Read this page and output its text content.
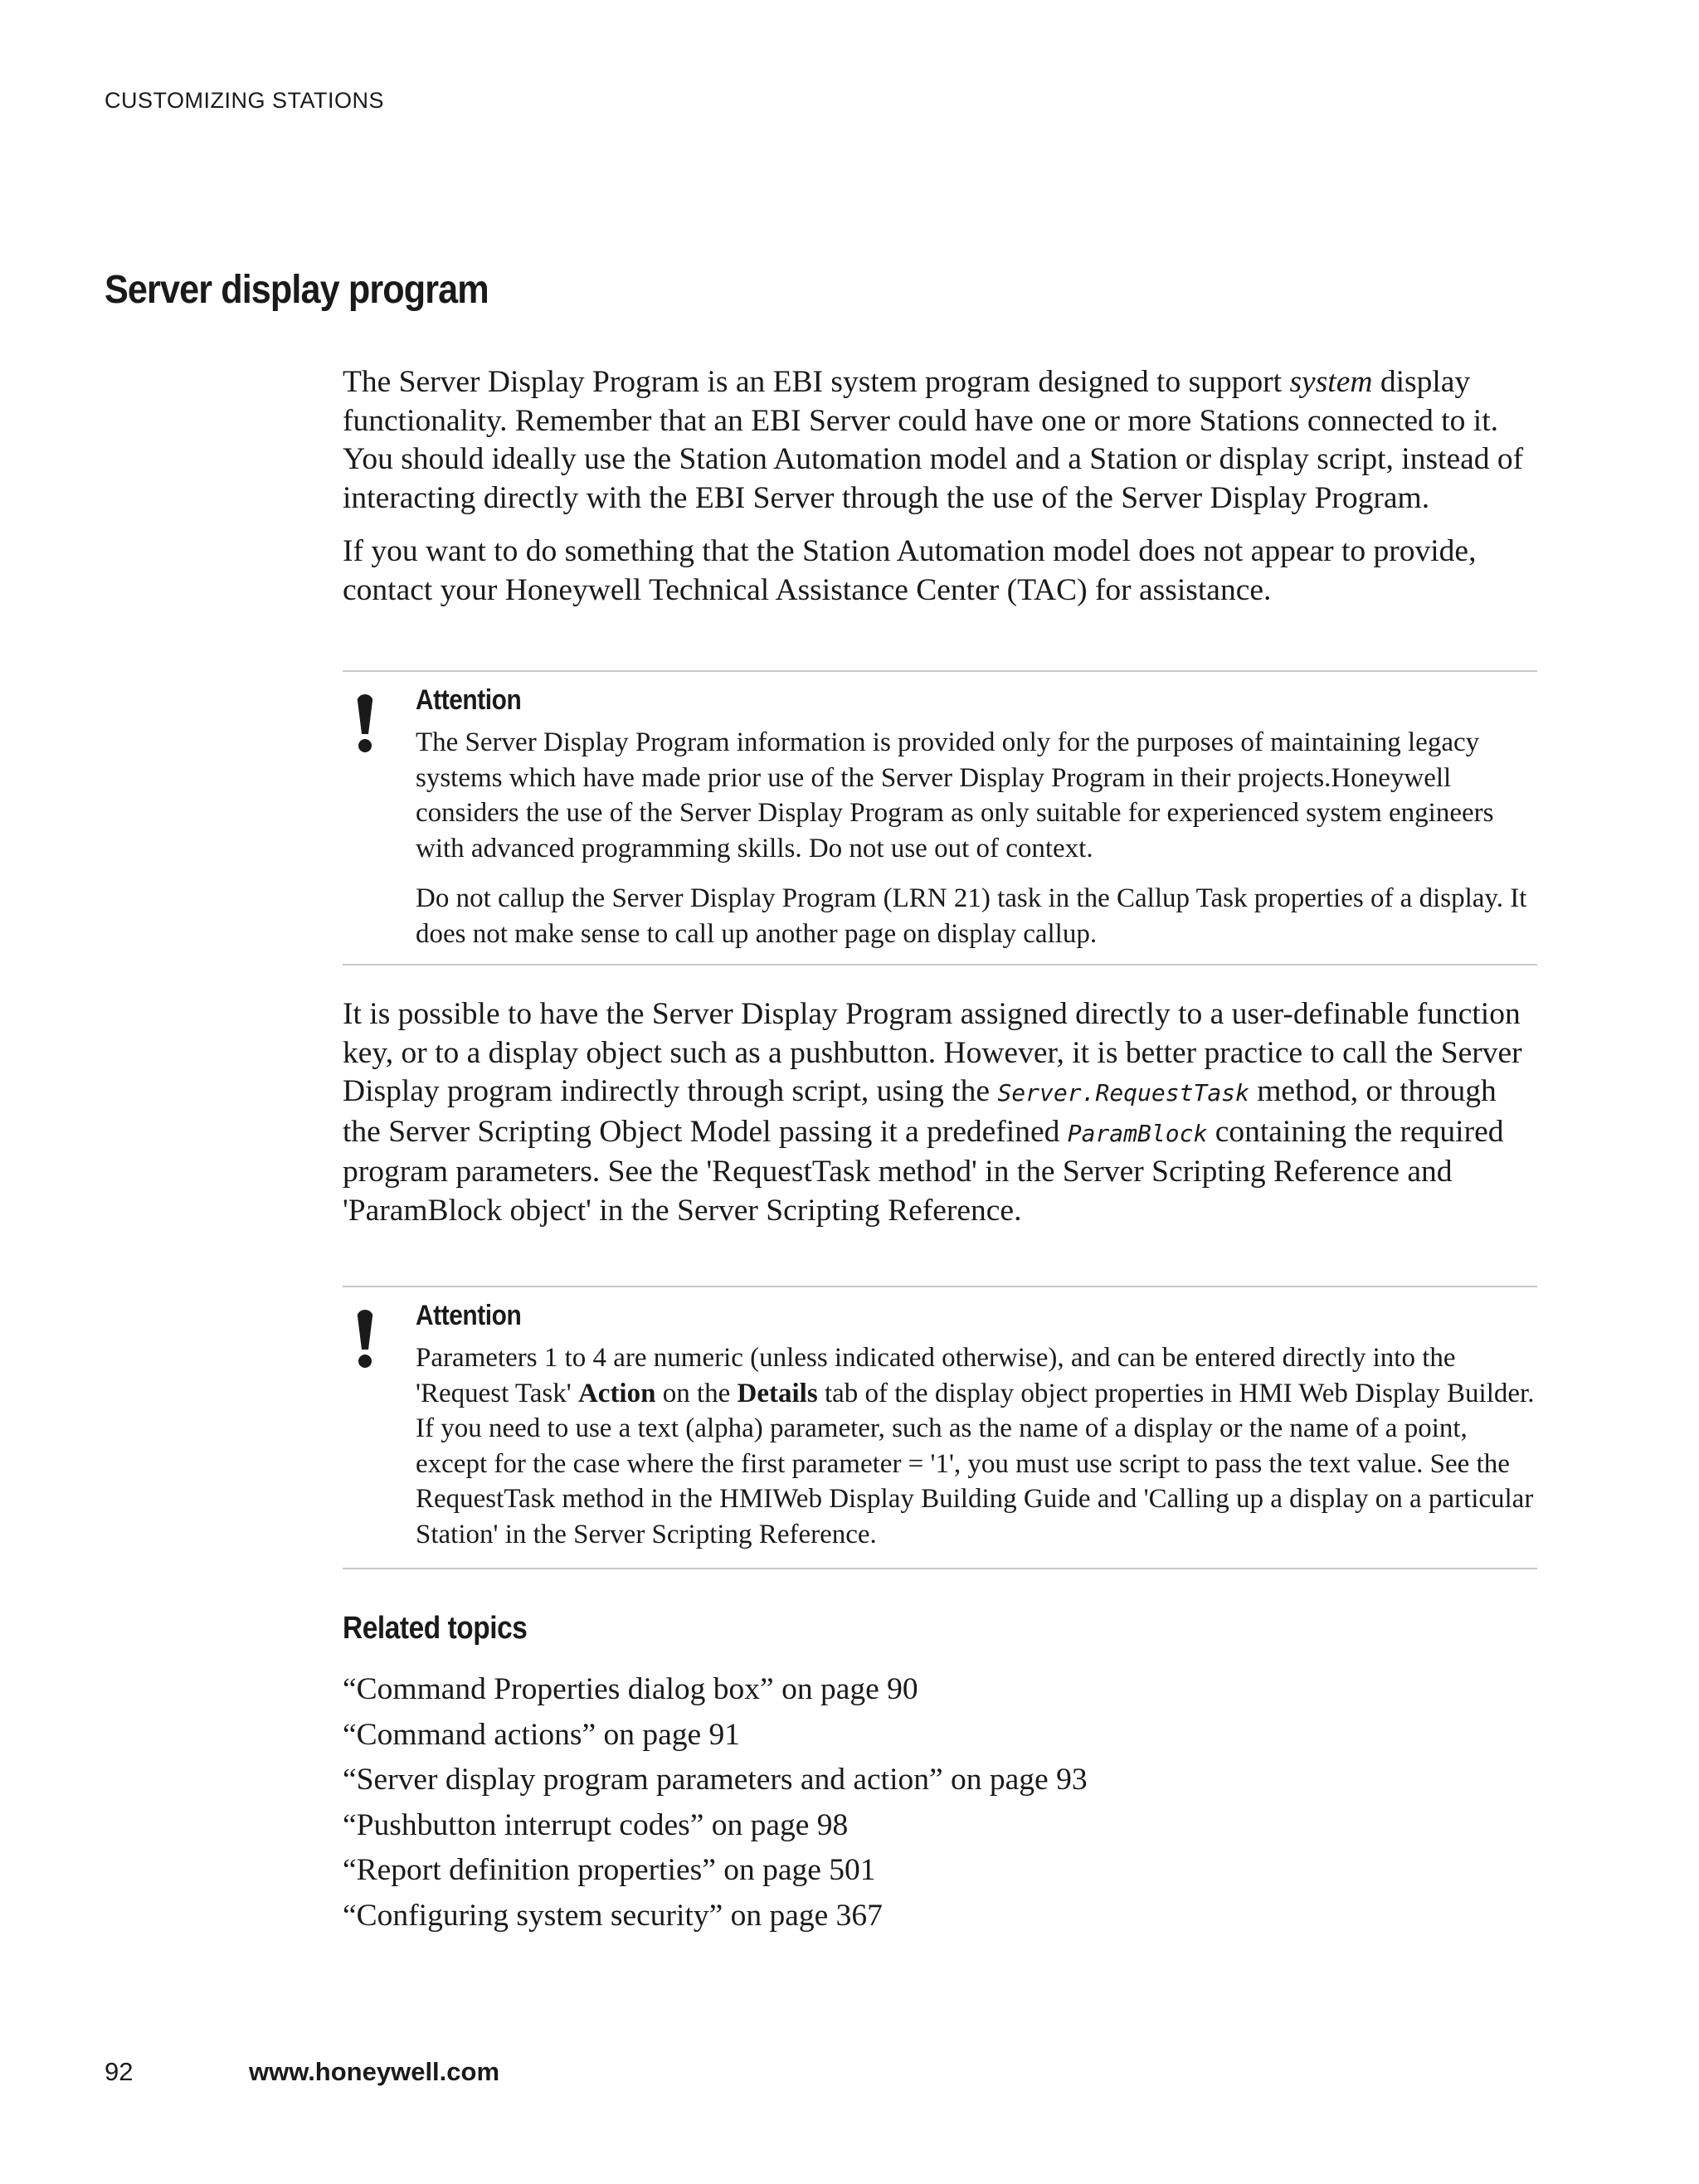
CUSTOMIZING STATIONS
Server display program

The Server Display Program is an EBI system program designed to support system display functionality. Remember that an EBI Server could have one or more Stations connected to it. You should ideally use the Station Automation model and a Station or display script, instead of interacting directly with the EBI Server through the use of the Server Display Program.

If you want to do something that the Station Automation model does not appear to provide, contact your Honeywell Technical Assistance Center (TAC) for assistance.

Attention

The Server Display Program information is provided only for the purposes of maintaining legacy systems which have made prior use of the Server Display Program in their projects.Honeywell considers the use of the Server Display Program as only suitable for experienced system engineers with advanced programming skills. Do not use out of context.

Do not callup the Server Display Program (LRN 21) task in the Callup Task properties of a display. It does not make sense to call up another page on display callup.

It is possible to have the Server Display Program assigned directly to a user-definable function key, or to a display object such as a pushbutton. However, it is better practice to call the Server Display program indirectly through script, using the Server.RequestTask method, or through the Server Scripting Object Model passing it a predefined ParamBlock containing the required program parameters. See the 'RequestTask method' in the Server Scripting Reference and 'ParamBlock object' in the Server Scripting Reference.

Attention

Parameters 1 to 4 are numeric (unless indicated otherwise), and can be entered directly into the 'Request Task' Action on the Details tab of the display object properties in HMI Web Display Builder. If you need to use a text (alpha) parameter, such as the name of a display or the name of a point, except for the case where the first parameter = '1', you must use script to pass the text value. See the RequestTask method in the HMIWeb Display Building Guide and 'Calling up a display on a particular Station' in the Server Scripting Reference.

Related topics
“Command Properties dialog box” on page 90
“Command actions” on page 91
“Server display program parameters and action” on page 93
“Pushbutton interrupt codes” on page 98
“Report definition properties” on page 501
“Configuring system security” on page 367
92	www.honeywell.com
